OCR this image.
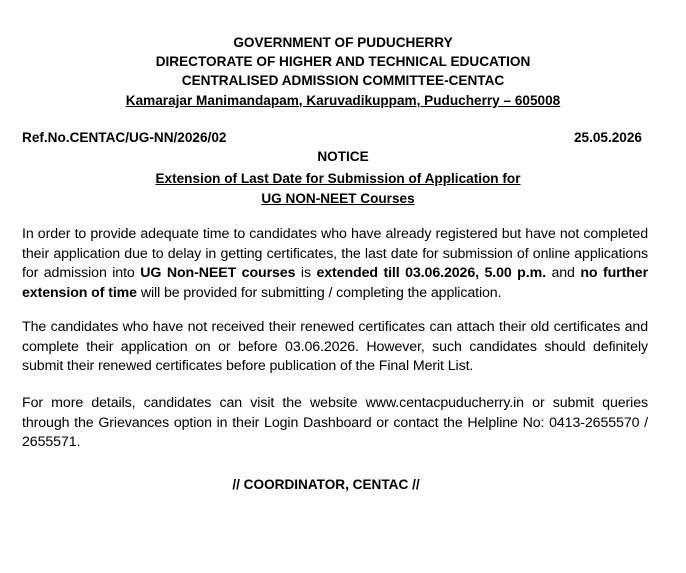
GOVERNMENT OF PUDUCHERRY
DIRECTORATE OF HIGHER AND TECHNICAL EDUCATION
CENTRALISED ADMISSION COMMITTEE-CENTAC
Kamarajar Manimandapam, Karuvadikuppam, Puducherry – 605008
Ref.No.CENTAC/UG-NN/2026/02	25.05.2026
NOTICE
Extension of Last Date for Submission of Application for
UG NON-NEET Courses
In order to provide adequate time to candidates who have already registered but have not completed their application due to delay in getting certificates, the last date for submission of online applications for admission into UG Non-NEET courses is extended till 03.06.2026, 5.00 p.m. and no further extension of time will be provided for submitting / completing the application.
The candidates who have not received their renewed certificates can attach their old certificates and complete their application on or before 03.06.2026. However, such candidates should definitely submit their renewed certificates before publication of the Final Merit List.
For more details, candidates can visit the website www.centacpuducherry.in or submit queries through the Grievances option in their Login Dashboard or contact the Helpline No: 0413-2655570 / 2655571.
// COORDINATOR, CENTAC //
